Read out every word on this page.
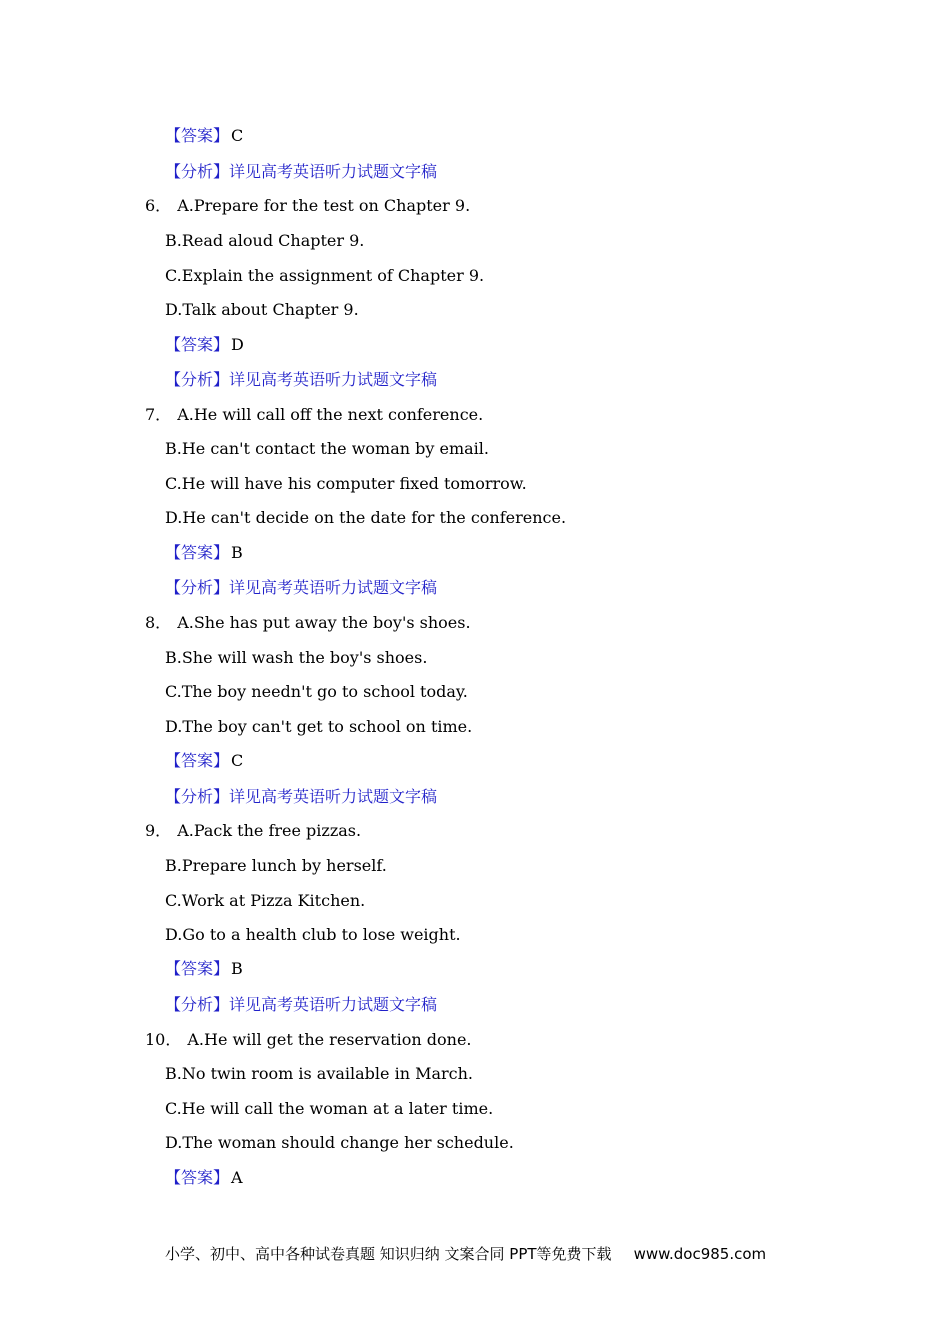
【答案】 C
【分析】详见高考英语听力试题文字稿
6． A.Prepare for the test on Chapter 9.
B.Read aloud Chapter 9.
C.Explain the assignment of Chapter 9.
D.Talk about Chapter 9.
【答案】 D
【分析】详见高考英语听力试题文字稿
7． A.He will call off the next conference.
B.He can't contact the woman by email.
C.He will have his computer fixed tomorrow.
D.He can't decide on the date for the conference.
【答案】 B
【分析】详见高考英语听力试题文字稿
8． A.She has put away the boy's shoes.
B.She will wash the boy's shoes.
C.The boy needn't go to school today.
D.The boy can't get to school on time.
【答案】 C
【分析】详见高考英语听力试题文字稿
9． A.Pack the free pizzas.
B.Prepare lunch by herself.
C.Work at Pizza Kitchen.
D.Go to a health club to lose weight.
【答案】 B
【分析】详见高考英语听力试题文字稿
10． A.He will get the reservation done.
B.No twin room is available in March.
C.He will call the woman at a later time.
D.The woman should change her schedule.
【答案】 A
小学、初中、高中各种试卷真题 知识归纳 文案合同 PPT等免费下载 www.doc985.com
